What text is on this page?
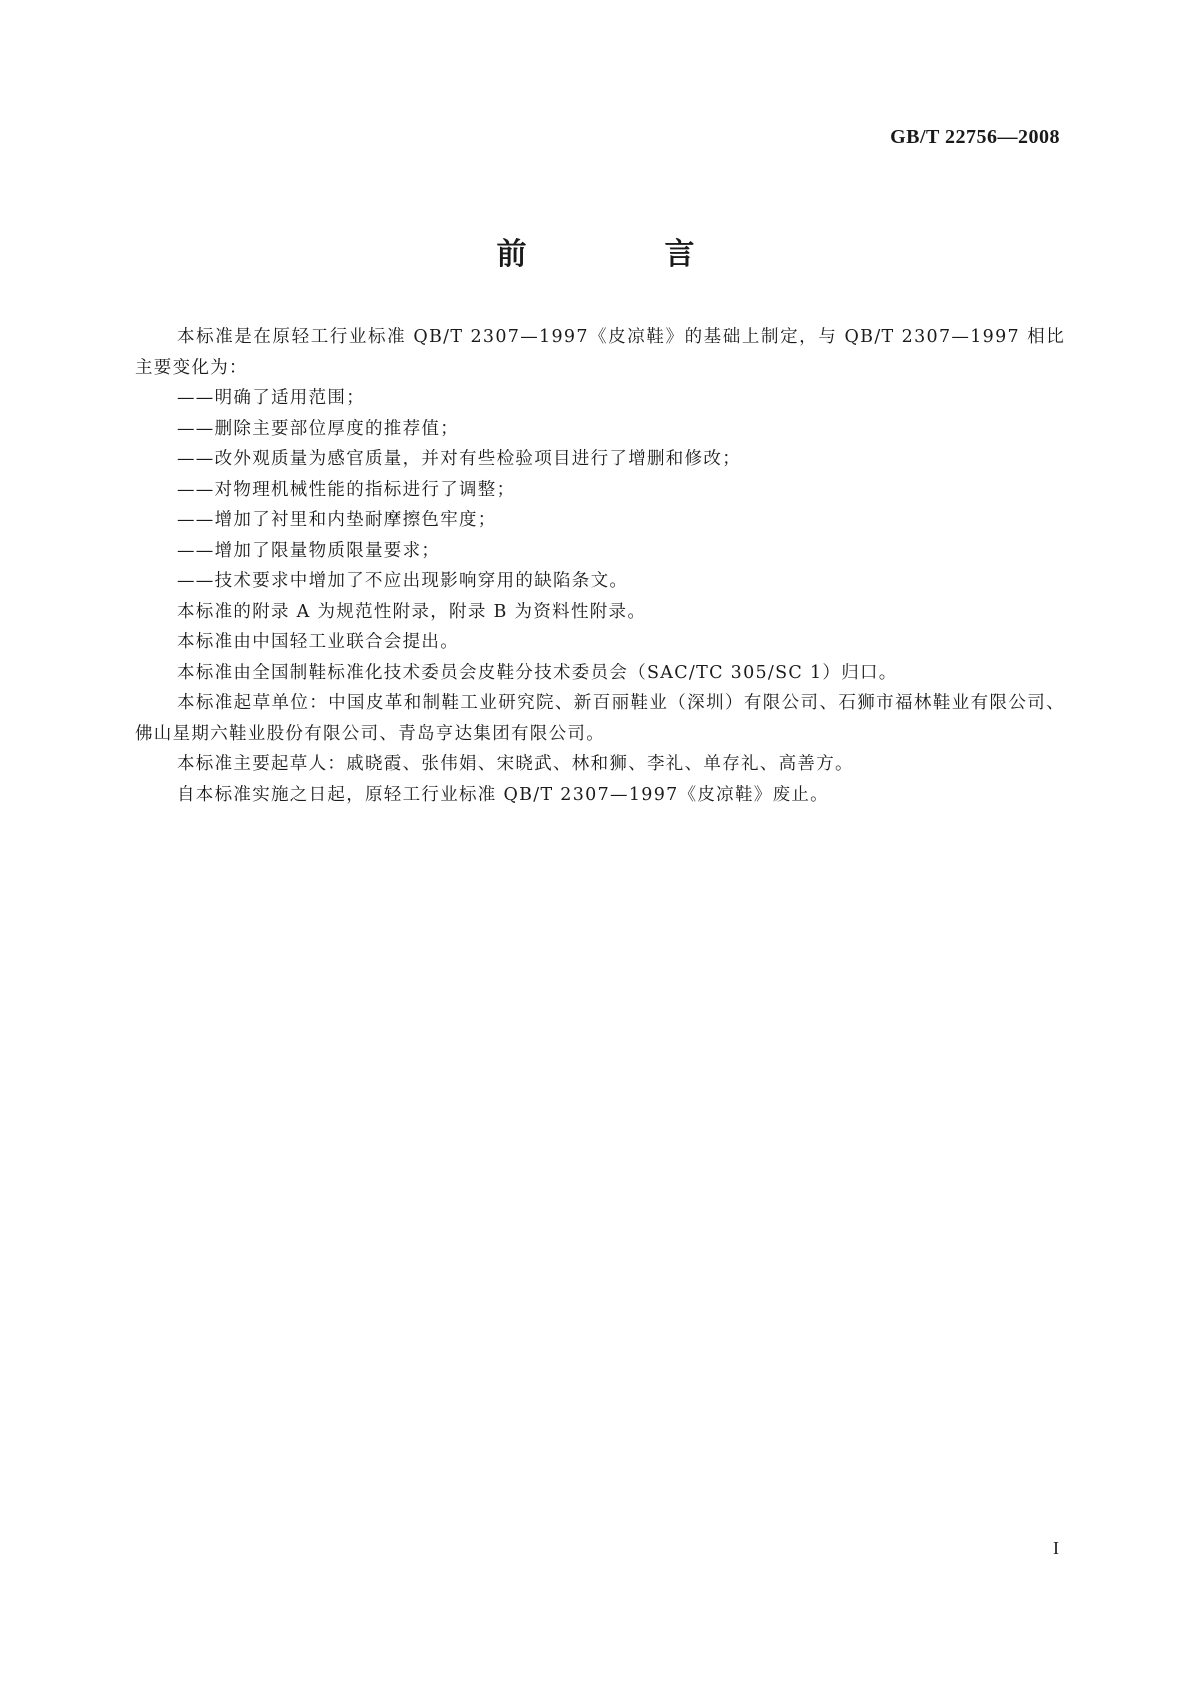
GB/T 22756—2008
前　言

本标准是在原轻工行业标准 QB/T 2307—1997《皮凉鞋》的基础上制定，与 QB/T 2307—1997 相比主要变化为：

——明确了适用范围；

——删除主要部位厚度的推荐值；

——改外观质量为感官质量，并对有些检验项目进行了增删和修改；

——对物理机械性能的指标进行了调整；

——增加了衬里和内垫耐摩擦色牢度；

——增加了限量物质限量要求；

——技术要求中增加了不应出现影响穿用的缺陷条文。

本标准的附录 A 为规范性附录，附录 B 为资料性附录。

本标准由中国轻工业联合会提出。

本标准由全国制鞋标准化技术委员会皮鞋分技术委员会（SAC/TC 305/SC 1）归口。

本标准起草单位：中国皮革和制鞋工业研究院、新百丽鞋业（深圳）有限公司、石狮市福林鞋业有限公司、佛山星期六鞋业股份有限公司、青岛亨达集团有限公司。

本标准主要起草人：戚晓霞、张伟娟、宋晓武、林和狮、李礼、单存礼、高善方。

自本标准实施之日起，原轻工行业标准 QB/T 2307—1997《皮凉鞋》废止。

I
